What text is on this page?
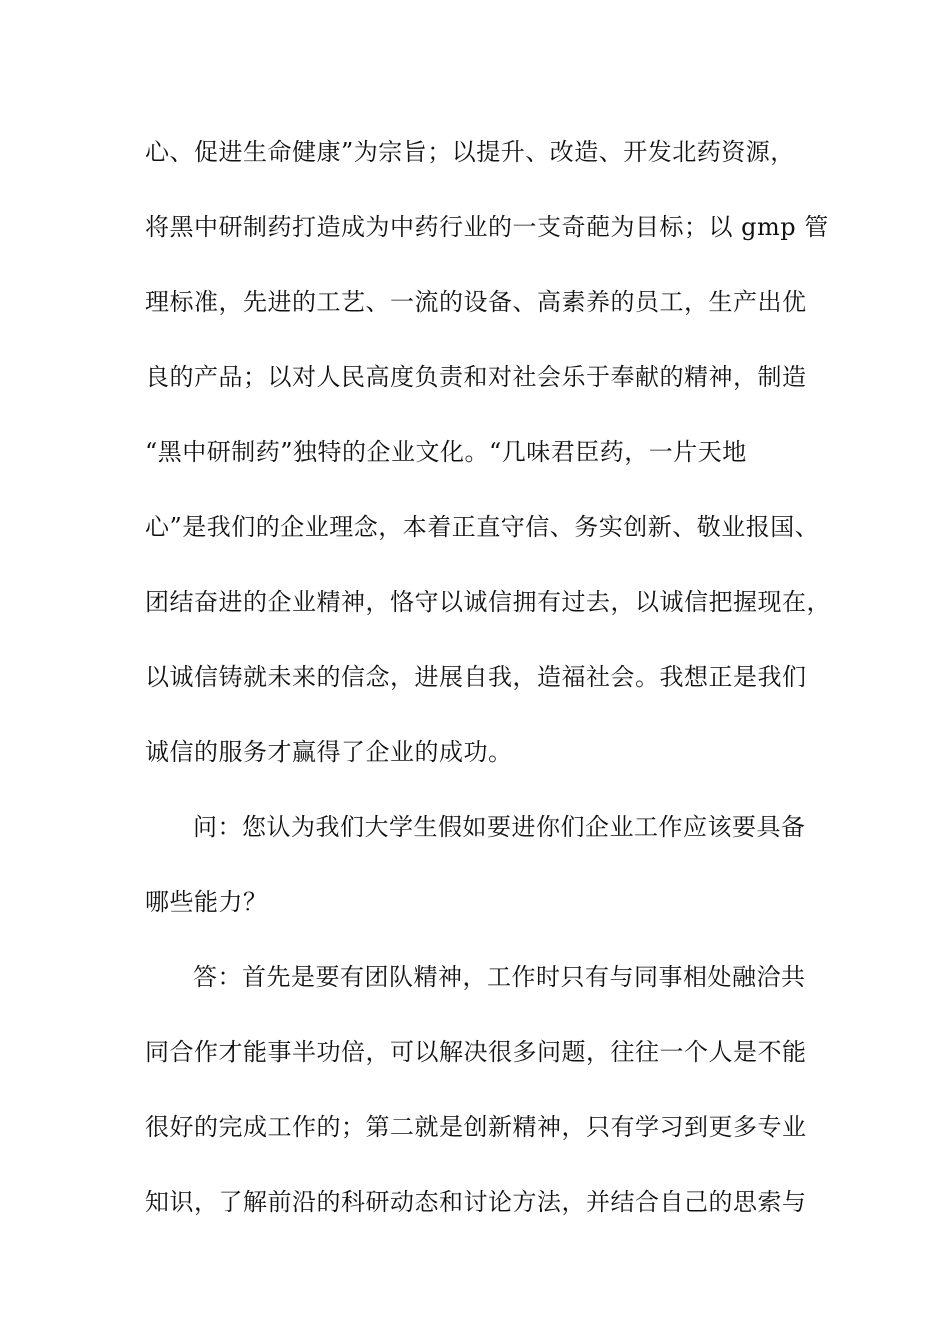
心、促进生命健康”为宗旨；以提升、改造、开发北药资源，
将黑中研制药打造成为中药行业的一支奇葩为目标；以 gmp 管
理标准，先进的工艺、一流的设备、高素养的员工，生产出优
良的产品；以对人民高度负责和对社会乐于奉献的精神，制造
“黑中研制药”独特的企业文化。“几味君臣药，一片天地
心”是我们的企业理念，本着正直守信、务实创新、敬业报国、
团结奋进的企业精神，恪守以诚信拥有过去，以诚信把握现在，
以诚信铸就未来的信念，进展自我，造福社会。我想正是我们
诚信的服务才赢得了企业的成功。
问：您认为我们大学生假如要进你们企业工作应该要具备
哪些能力？
答：首先是要有团队精神，工作时只有与同事相处融洽共
同合作才能事半功倍，可以解决很多问题，往往一个人是不能
很好的完成工作的；第二就是创新精神，只有学习到更多专业
知识，了解前沿的科研动态和讨论方法，并结合自己的思索与
